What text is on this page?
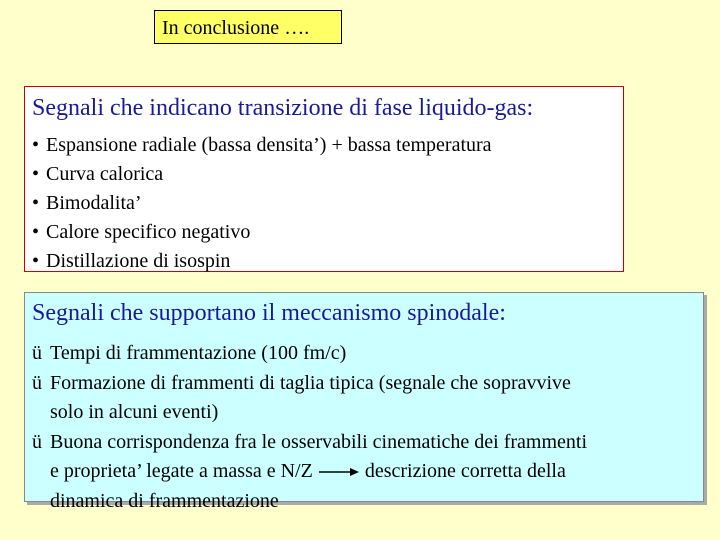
In conclusione ….
Segnali che indicano transizione di fase liquido-gas:
• Espansione radiale (bassa densita’) + bassa temperatura
• Curva calorica
• Bimodalita’
• Calore specifico negativo
• Distillazione di isospin
Segnali che supportano il meccanismo spinodale:
ü Tempi di frammentazione (100 fm/c)
ü Formazione di frammenti di taglia tipica (segnale che sopravvive
solo in alcuni eventi)
ü Buona corrispondenza fra le osservabili cinematiche dei frammenti
e proprieta’ legate a massa e N/Z	descrizione corretta della
dinamica di frammentazione
